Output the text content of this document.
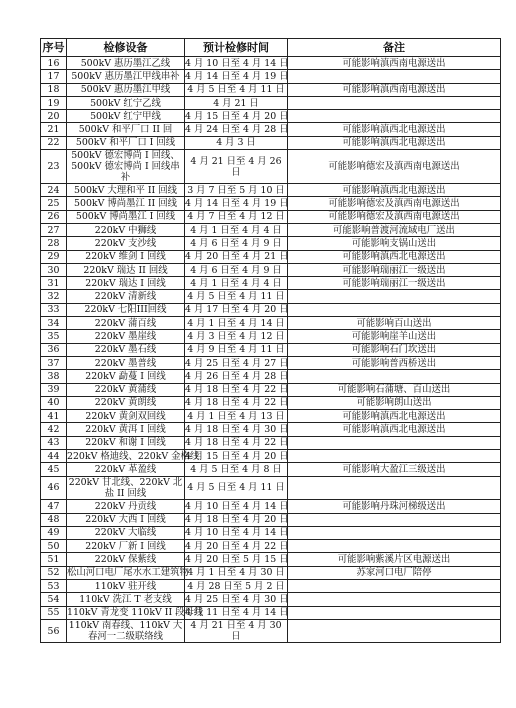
序号	检修设备	预计检修时间	备注
16	500kV 惠历墨江乙线	4 月 10 日至 4 月 14 日	可能影响滇西南电源送出
17	500kV 惠历墨江甲线串补	4 月 14 日至 4 月 19 日	
18	500kV 惠历墨江甲线	4 月 5 日至 4 月 11 日	可能影响滇西南电源送出
19	500kV 红宁乙线	4 月 21 日	
20	500kV 红宁甲线	4 月 15 日至 4 月 20 日	
21	500kV 和平厂口 II 回	4 月 24 日至 4 月 28 日	可能影响滇西北电源送出
22	500kV 和平厂口 I 回线	4 月 3 日	可能影响滇西北电源送出
23	500kV 德宏博尚 I 回线、500kV 德宏博尚 I 回线串补	4 月 21 日至 4 月 26 日	可能影响德宏及滇西南电源送出
24	500kV 大理和平 II 回线	3 月 7 日至 5 月 10 日	可能影响滇西北电源送出
25	500kV 博尚墨江 II 回线	4 月 14 日至 4 月 19 日	可能影响德宏及滇西南电源送出
26	500kV 博尚墨江 I 回线	4 月 7 日至 4 月 12 日	可能影响德宏及滇西南电源送出
27	220kV 中狮线	4 月 1 日至 4 月 4 日	可能影响普渡河流域电厂送出
28	220kV 支沙线	4 月 6 日至 4 月 9 日	可能影响支锅山送出
29	220kV 维剑 I 回线	4 月 20 日至 4 月 21 日	可能影响滇西北电源送出
30	220kV 瑞达 II 回线	4 月 6 日至 4 月 9 日	可能影响瑞丽江一级送出
31	220kV 瑞达 I 回线	4 月 1 日至 4 月 4 日	可能影响瑞丽江一级送出
32	220kV 清新线	4 月 5 日至 4 月 11 日	
33	220kV 七阳III回线	4 月 17 日至 4 月 20 日	
34	220kV 蒲百线	4 月 1 日至 4 月 14 日	可能影响百山送出
35	220kV 墨崖线	4 月 3 日至 4 月 12 日	可能影响崖羊山送出
36	220kV 墨石线	4 月 9 日至 4 月 11 日	可能影响石门坎送出
37	220kV 墨普线	4 月 25 日至 4 月 27 日	可能影响普西桥送出
38	220kV 勐蔓 I 回线	4 月 26 日至 4 月 28 日	
39	220kV 黄蒲线	4 月 18 日至 4 月 22 日	可能影响石蒲塘、百山送出
40	220kV 黄朗线	4 月 18 日至 4 月 22 日	可能影响朗山送出
41	220kV 黄剑双回线	4 月 1 日至 4 月 13 日	可能影响滇西北电源送出
42	220kV 黄洱 I 回线	4 月 18 日至 4 月 30 日	可能影响滇西北电源送出
43	220kV 和谢 I 回线	4 月 18 日至 4 月 22 日	
44	220kV 格迪线、220kV 金格线	4 月 15 日至 4 月 20 日	
45	220kV 革盈线	4 月 5 日至 4 月 8 日	可能影响大盈江三级送出
46	220kV 甘北线、220kV 北盐 II 回线	4 月 5 日至 4 月 11 日	
47	220kV 丹贡线	4 月 10 日至 4 月 14 日	可能影响丹珠河梯级送出
48	220kV 大西 I 回线	4 月 18 日至 4 月 20 日	
49	220kV 大临线	4 月 10 日至 4 月 14 日	
50	220kV 厂新 I 回线	4 月 20 日至 4 月 22 日	
51	220kV 保紫线	4 月 20 日至 5 月 15 日	可能影响紫溪片区电源送出
52	松山河口电厂尾水水工建筑物	4 月 1 日至 4 月 30 日	苏家河口电厂陪停
53	110kV 驻开线	4 月 28 日至 5 月 2 日	
54	110kV 洗江 T 老支线	4 月 25 日至 4 月 30 日	
55	110kV 青龙变 110kV II 段母线	4 月 11 日至 4 月 14 日	
56	110kV 南春线、110kV 大春河一二级联络线	4 月 21 日至 4 月 30 日	
